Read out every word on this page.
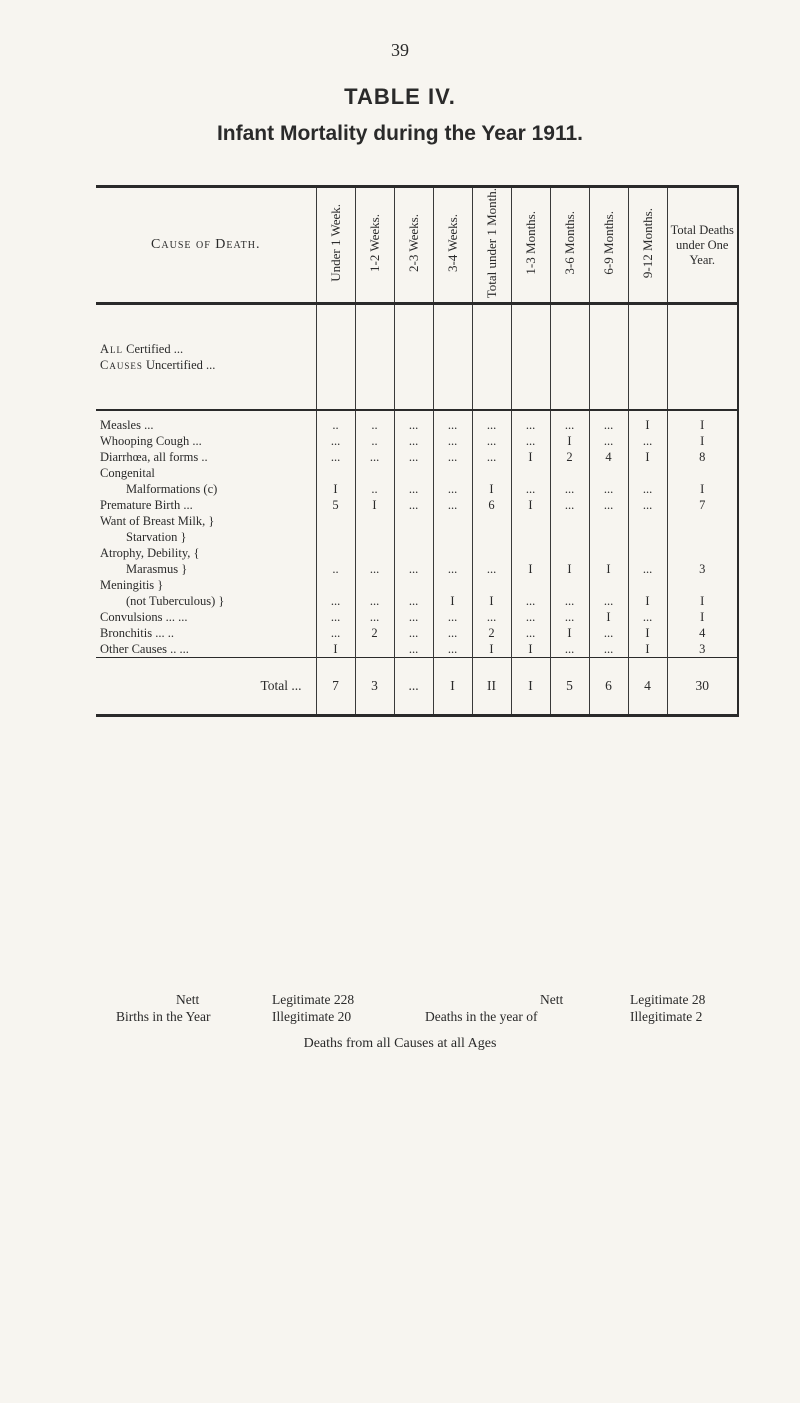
39
TABLE IV.
Infant Mortality during the Year 1911.
Cause of Death.	Under 1 Week.	1-2 Weeks.	2-3 Weeks.	3-4 Weeks.	Total under 1 Month.	1-3 Months.	3-6 Months.	6-9 Months.	9-12 Months.	Total Deaths under One Year.
All Certified ...
Causes Uncertified ...										
Measles ...	..	..	...	...	...	...	...	...	I	I
Whooping Cough ...	...	..	...	...	...	...	I	...	...	I
Diarrhœa, all forms ..	...	...	...	...	...	I	2	4	I	8
Congenital										
Malformations (c)	I	..	...	...	I	...	...	...	...	I
Premature Birth ...	5	I	...	...	6	I	...	...	...	7
Want of Breast Milk, }										
Starvation }										
Atrophy, Debility, {										
Marasmus }	..	...	...	...	...	I	I	I	...	3
Meningitis }										
(not Tuberculous) }	...	...	...	I	I	...	...	...	I	I
Convulsions ... ...	...	...	...	...	...	...	...	I	...	I
Bronchitis ... ..	...	2	...	...	2	...	I	...	I	4
Other Causes .. ...	I		...	...	I	I	...	...	I	3
Total ...	7	3	...	I	II	I	5	6	4	30
Nett
Births in the Year
Legitimate 228
Illegitimate 20
Nett
Deaths in the year of
Legitimate 28
Illegitimate 2
Deaths from all Causes at all Ages
